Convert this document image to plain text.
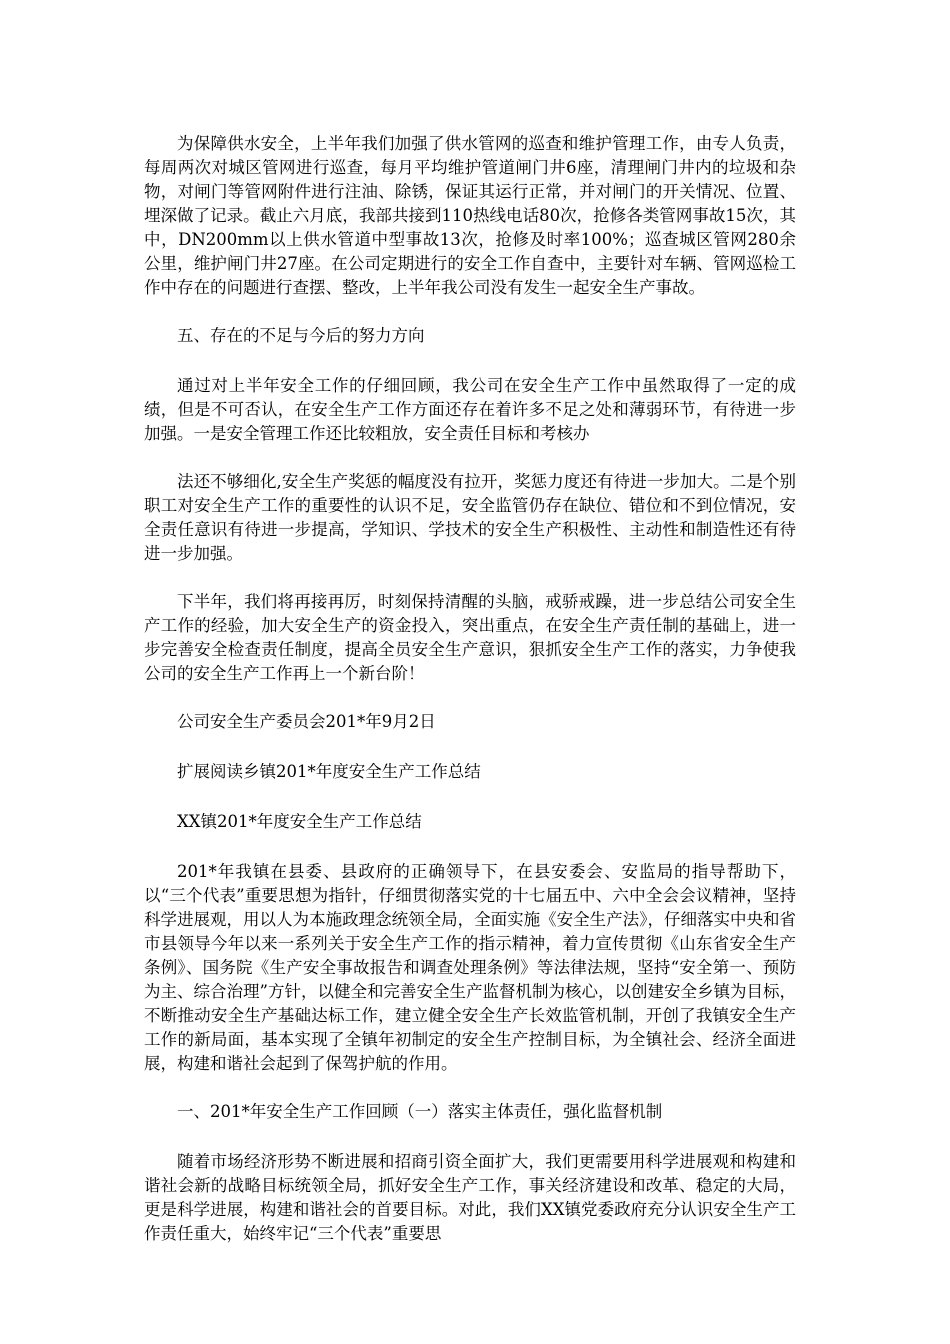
为保障供水安全，上半年我们加强了供水管网的巡查和维护管理工作，由专人负责，每周两次对城区管网进行巡查，每月平均维护管道闸门井6座，清理闸门井内的垃圾和杂物，对闸门等管网附件进行注油、除锈，保证其运行正常，并对闸门的开关情况、位置、埋深做了记录。截止六月底，我部共接到110热线电话80次，抢修各类管网事故15次，其中，DN200mm以上供水管道中型事故13次，抢修及时率100%；巡查城区管网280余公里，维护闸门井27座。在公司定期进行的安全工作自查中，主要针对车辆、管网巡检工作中存在的问题进行查摆、整改，上半年我公司没有发生一起安全生产事故。

五、存在的不足与今后的努力方向

通过对上半年安全工作的仔细回顾，我公司在安全生产工作中虽然取得了一定的成绩，但是不可否认，在安全生产工作方面还存在着许多不足之处和薄弱环节，有待进一步加强。一是安全管理工作还比较粗放，安全责任目标和考核办

法还不够细化,安全生产奖惩的幅度没有拉开，奖惩力度还有待进一步加大。二是个别职工对安全生产工作的重要性的认识不足，安全监管仍存在缺位、错位和不到位情况，安全责任意识有待进一步提高，学知识、学技术的安全生产积极性、主动性和制造性还有待进一步加强。

下半年，我们将再接再厉，时刻保持清醒的头脑，戒骄戒躁，进一步总结公司安全生产工作的经验，加大安全生产的资金投入，突出重点，在安全生产责任制的基础上，进一步完善安全检查责任制度，提高全员安全生产意识，狠抓安全生产工作的落实，力争使我公司的安全生产工作再上一个新台阶！

公司安全生产委员会201*年9月2日

扩展阅读乡镇201*年度安全生产工作总结

XX镇201*年度安全生产工作总结

201*年我镇在县委、县政府的正确领导下，在县安委会、安监局的指导帮助下，以“三个代表”重要思想为指针，仔细贯彻落实党的十七届五中、六中全会会议精神，坚持科学进展观，用以人为本施政理念统领全局，全面实施《安全生产法》，仔细落实中央和省市县领导今年以来一系列关于安全生产工作的指示精神，着力宣传贯彻《山东省安全生产条例》、国务院《生产安全事故报告和调查处理条例》等法律法规，坚持“安全第一、预防为主、综合治理”方针，以健全和完善安全生产监督机制为核心，以创建安全乡镇为目标，不断推动安全生产基础达标工作，建立健全安全生产长效监管机制，开创了我镇安全生产工作的新局面，基本实现了全镇年初制定的安全生产控制目标，为全镇社会、经济全面进展，构建和谐社会起到了保驾护航的作用。

一、201*年安全生产工作回顾（一）落实主体责任，强化监督机制

随着市场经济形势不断进展和招商引资全面扩大，我们更需要用科学进展观和构建和谐社会新的战略目标统领全局，抓好安全生产工作，事关经济建设和改革、稳定的大局，更是科学进展，构建和谐社会的首要目标。对此，我们XX镇党委政府充分认识安全生产工作责任重大，始终牢记“三个代表”重要思
